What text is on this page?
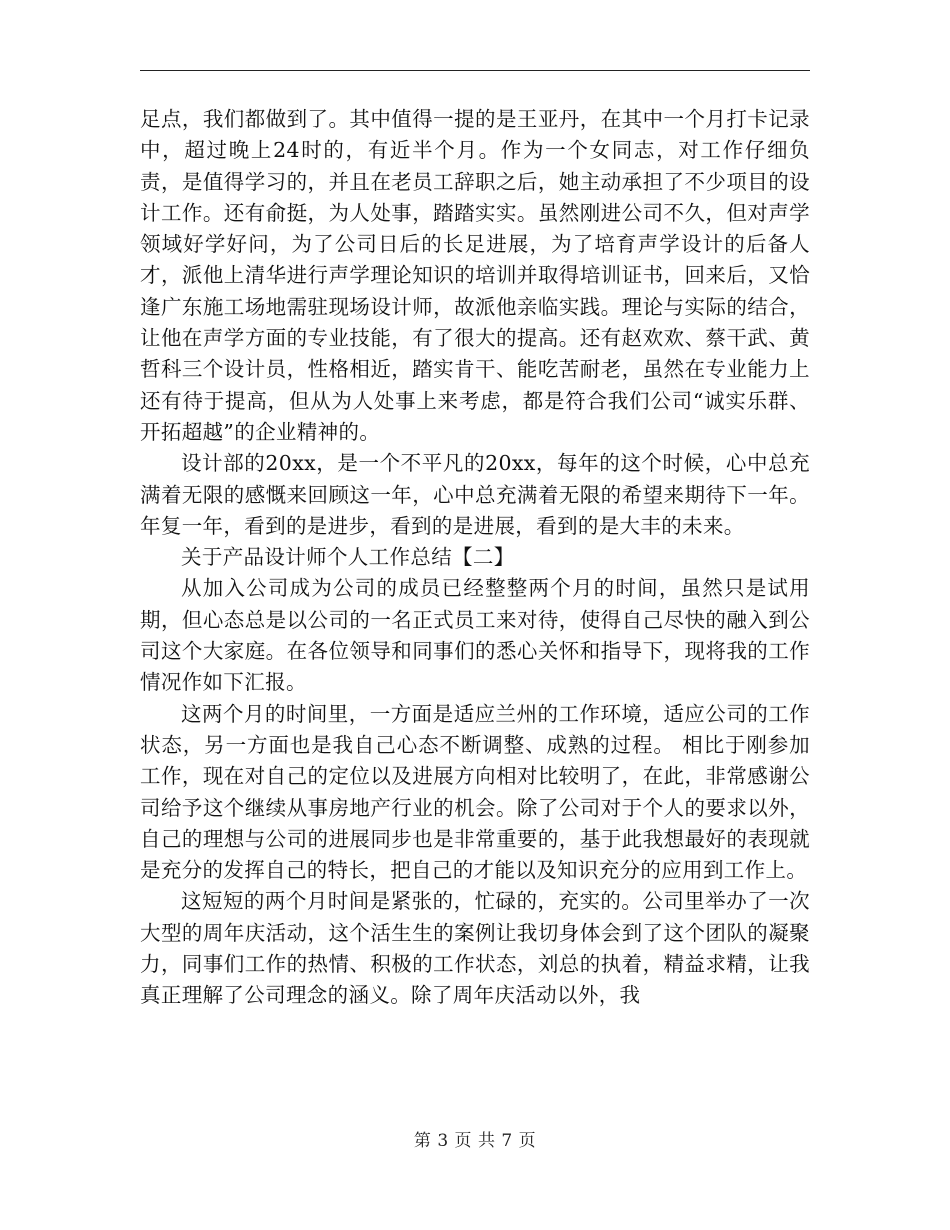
足点，我们都做到了。其中值得一提的是王亚丹，在其中一个月打卡记录中，超过晚上24时的，有近半个月。作为一个女同志，对工作仔细负责，是值得学习的，并且在老员工辞职之后，她主动承担了不少项目的设计工作。还有俞挺，为人处事，踏踏实实。虽然刚进公司不久，但对声学领域好学好问，为了公司日后的长足进展，为了培育声学设计的后备人才，派他上清华进行声学理论知识的培训并取得培训证书，回来后，又恰逢广东施工场地需驻现场设计师，故派他亲临实践。理论与实际的结合，让他在声学方面的专业技能，有了很大的提高。还有赵欢欢、蔡干武、黄哲科三个设计员，性格相近，踏实肯干、能吃苦耐老，虽然在专业能力上还有待于提高，但从为人处事上来考虑，都是符合我们公司“诚实乐群、开拓超越”的企业精神的。

设计部的20xx，是一个不平凡的20xx，每年的这个时候，心中总充满着无限的感慨来回顾这一年，心中总充满着无限的希望来期待下一年。年复一年，看到的是进步，看到的是进展，看到的是大丰的未来。

关于产品设计师个人工作总结【二】

从加入公司成为公司的成员已经整整两个月的时间，虽然只是试用期，但心态总是以公司的一名正式员工来对待，使得自己尽快的融入到公司这个大家庭。在各位领导和同事们的悉心关怀和指导下，现将我的工作情况作如下汇报。

这两个月的时间里，一方面是适应兰州的工作环境，适应公司的工作状态，另一方面也是我自己心态不断调整、成熟的过程。 相比于刚参加工作，现在对自己的定位以及进展方向相对比较明了，在此，非常感谢公司给予这个继续从事房地产行业的机会。除了公司对于个人的要求以外，自己的理想与公司的进展同步也是非常重要的，基于此我想最好的表现就是充分的发挥自己的特长，把自己的才能以及知识充分的应用到工作上。

这短短的两个月时间是紧张的，忙碌的，充实的。公司里举办了一次大型的周年庆活动，这个活生生的案例让我切身体会到了这个团队的凝聚力，同事们工作的热情、积极的工作状态，刘总的执着，精益求精，让我真正理解了公司理念的涵义。除了周年庆活动以外，我

第 3 页 共 7 页
